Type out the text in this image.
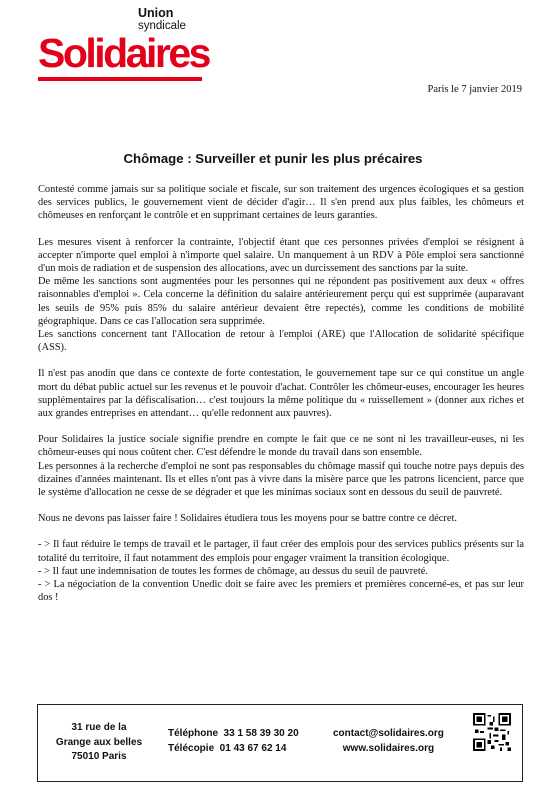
Union
syndicale
Solidaires
Paris le 7 janvier 2019
Chômage : Surveiller et punir les plus précaires

Contesté comme jamais sur sa politique sociale et fiscale, sur son traitement des urgences écologiques et sa gestion des services publics, le gouvernement vient de décider d'agir… Il s'en prend aux plus faibles, les chômeurs et chômeuses en renforçant le contrôle et en supprimant certaines de leurs garanties.

Les mesures visent à renforcer la contrainte, l'objectif étant que ces personnes privées d'emploi se résignent à accepter n'importe quel emploi à n'importe quel salaire. Un manquement à un RDV à Pôle emploi sera sanctionné d'un mois de radiation et de suspension des allocations, avec un durcissement des sanctions par la suite.

De même les sanctions sont augmentées pour les personnes qui ne répondent pas positivement aux deux « offres raisonnables d'emploi ». Cela concerne la définition du salaire antérieurement perçu qui est supprimée (auparavant les seuils de 95% puis 85% du salaire antérieur devaient être repectés), comme les conditions de mobilité géographique. Dans ce cas l'allocation sera supprimée.

Les sanctions concernent tant l'Allocation de retour à l'emploi (ARE) que l'Allocation de solidarité spécifique (ASS).

Il n'est pas anodin que dans ce contexte de forte contestation, le gouvernement tape sur ce qui constitue un angle mort du débat public actuel sur les revenus et le pouvoir d'achat. Contrôler les chômeur-euses, encourager les heures supplémentaires par la défiscalisation… c'est toujours la même politique du « ruissellement » (donner aux riches et aux grandes entreprises en attendant… qu'elle redonnent aux pauvres).

Pour Solidaires la justice sociale signifie prendre en compte le fait que ce ne sont ni les travailleur-euses, ni les chômeur-euses qui nous coûtent cher. C'est défendre le monde du travail dans son ensemble.

Les personnes à la recherche d'emploi ne sont pas responsables du chômage massif qui touche notre pays depuis des dizaines d'années maintenant. Ils et elles n'ont pas à vivre dans la misère parce que les patrons licencient, parce que le système d'allocation ne cesse de se dégrader et que les minimas sociaux sont en dessous du seuil de pauvreté.

Nous ne devons pas laisser faire ! Solidaires étudiera tous les moyens pour se battre contre ce décret.

- > Il faut réduire le temps de travail et le partager, il faut créer des emplois pour des services publics présents sur la totalité du territoire, il faut notamment des emplois pour engager vraiment la transition écologique.

- > Il faut une indemnisation de toutes les formes de chômage, au dessus du seuil de pauvreté.

- > La négociation de la convention Unedic doit se faire avec les premiers et premières concerné-es, et pas sur leur dos !

31 rue de la
Grange aux belles
75010 Paris
Téléphone  33 1 58 39 30 20
Télécopie  01 43 67 62 14
contact@solidaires.org
www.solidaires.org
